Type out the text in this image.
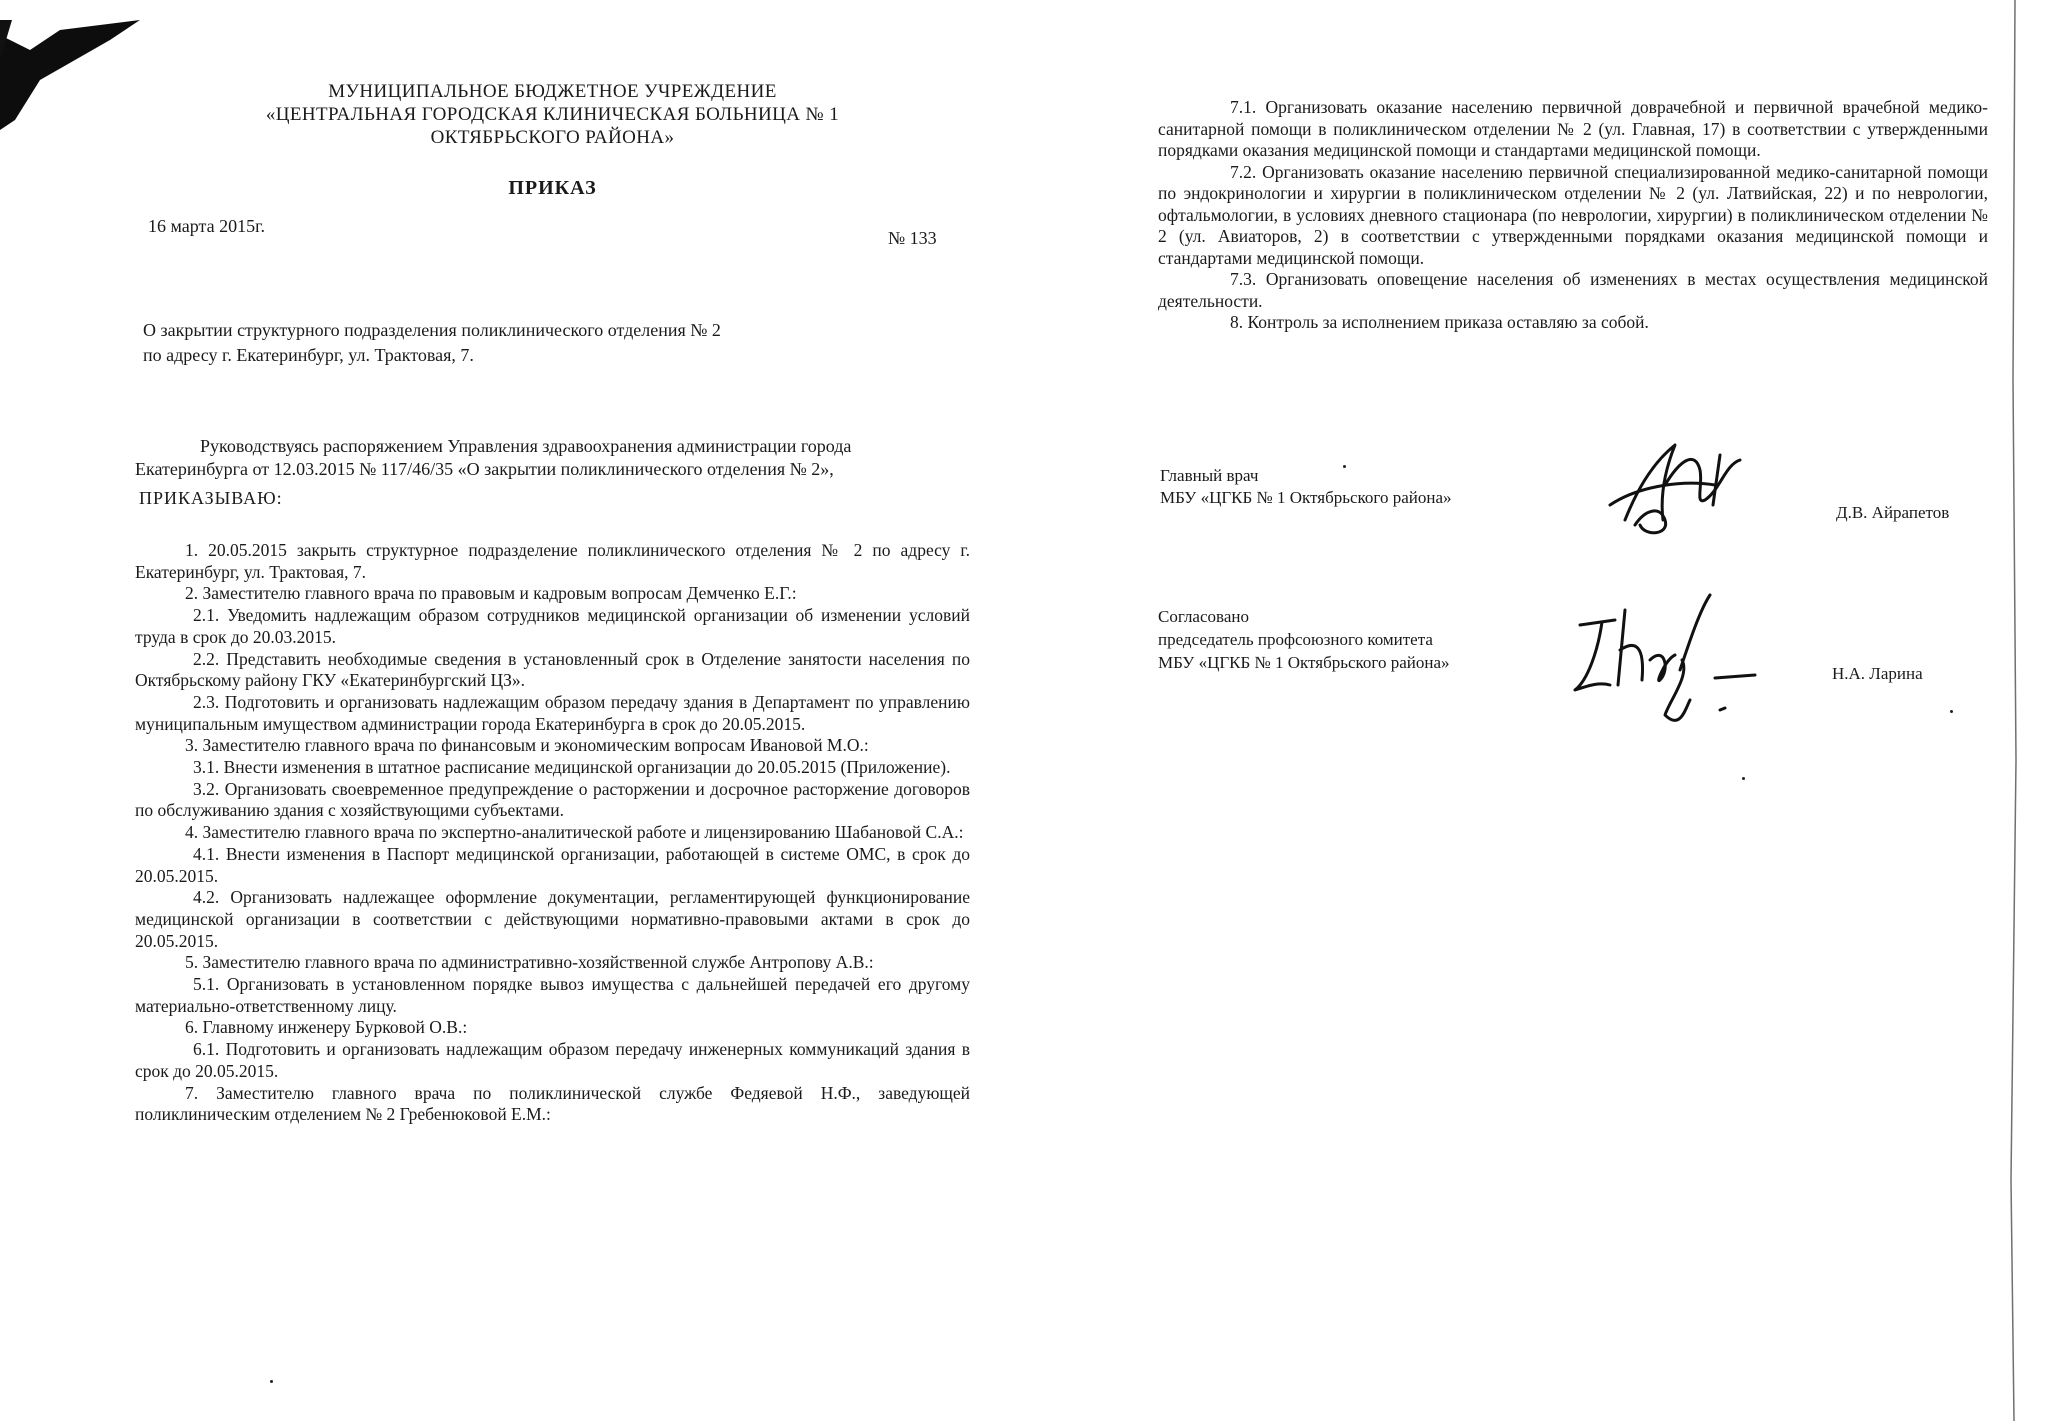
МУНИЦИПАЛЬНОЕ БЮДЖЕТНОЕ УЧРЕЖДЕНИЕ
«ЦЕНТРАЛЬНАЯ ГОРОДСКАЯ КЛИНИЧЕСКАЯ БОЛЬНИЦА № 1
ОКТЯБРЬСКОГО РАЙОНА»
ПРИКАЗ
16 марта 2015г.
№ 133
О закрытии структурного подразделения поликлинического отделения № 2
по адресу г. Екатеринбург, ул. Трактовая, 7.
Руководствуясь распоряжением Управления здравоохранения администрации города
Екатеринбурга от 12.03.2015 № 117/46/35 «О закрытии поликлинического отделения № 2»,
ПРИКАЗЫВАЮ:

1. 20.05.2015 закрыть структурное подразделение поликлинического отделения № 2 по адресу г. Екатеринбург, ул. Трактовая, 7.

2. Заместителю главного врача по правовым и кадровым вопросам Демченко Е.Г.:

2.1. Уведомить надлежащим образом сотрудников медицинской организации об изменении условий труда в срок до 20.03.2015.

2.2. Представить необходимые сведения в установленный срок в Отделение занятости населения по Октябрьскому району ГКУ «Екатеринбургский ЦЗ».

2.3. Подготовить и организовать надлежащим образом передачу здания в Департамент по управлению муниципальным имуществом администрации города Екатеринбурга в срок до 20.05.2015.

3. Заместителю главного врача по финансовым и экономическим вопросам Ивановой М.О.:

3.1. Внести изменения в штатное расписание медицинской организации до 20.05.2015 (Приложение).

3.2. Организовать своевременное предупреждение о расторжении и досрочное расторжение договоров по обслуживанию здания с хозяйствующими субъектами.

4. Заместителю главного врача по экспертно-аналитической работе и лицензированию Шабановой С.А.:

4.1. Внести изменения в Паспорт медицинской организации, работающей в системе ОМС, в срок до 20.05.2015.

4.2. Организовать надлежащее оформление документации, регламентирующей функционирование медицинской организации в соответствии с действующими нормативно-правовыми актами в срок до 20.05.2015.

5. Заместителю главного врача по административно-хозяйственной службе Антропову А.В.:

5.1. Организовать в установленном порядке вывоз имущества с дальнейшей передачей его другому материально-ответственному лицу.

6. Главному инженеру Бурковой О.В.:

6.1. Подготовить и организовать надлежащим образом передачу инженерных коммуникаций здания в срок до 20.05.2015.

7. Заместителю главного врача по поликлинической службе Федяевой Н.Ф., заведующей поликлиническим отделением № 2 Гребенюковой Е.М.:

7.1. Организовать оказание населению первичной доврачебной и первичной врачебной медико-санитарной помощи в поликлиническом отделении № 2 (ул. Главная, 17) в соответствии с утвержденными порядками оказания медицинской помощи и стандартами медицинской помощи.

7.2. Организовать оказание населению первичной специализированной медико-санитарной помощи по эндокринологии и хирургии в поликлиническом отделении № 2 (ул. Латвийская, 22) и по неврологии, офтальмологии, в условиях дневного стационара (по неврологии, хирургии) в поликлиническом отделении № 2 (ул. Авиаторов, 2) в соответствии с утвержденными порядками оказания медицинской помощи и стандартами медицинской помощи.

7.3. Организовать оповещение населения об изменениях в местах осуществления медицинской деятельности.

8. Контроль за исполнением приказа оставляю за собой.

Главный врач
МБУ «ЦГКБ № 1 Октябрьского района»
Д.В. Айрапетов
Согласовано
председатель профсоюзного комитета
МБУ «ЦГКБ № 1 Октябрьского района»
Н.А. Ларина
